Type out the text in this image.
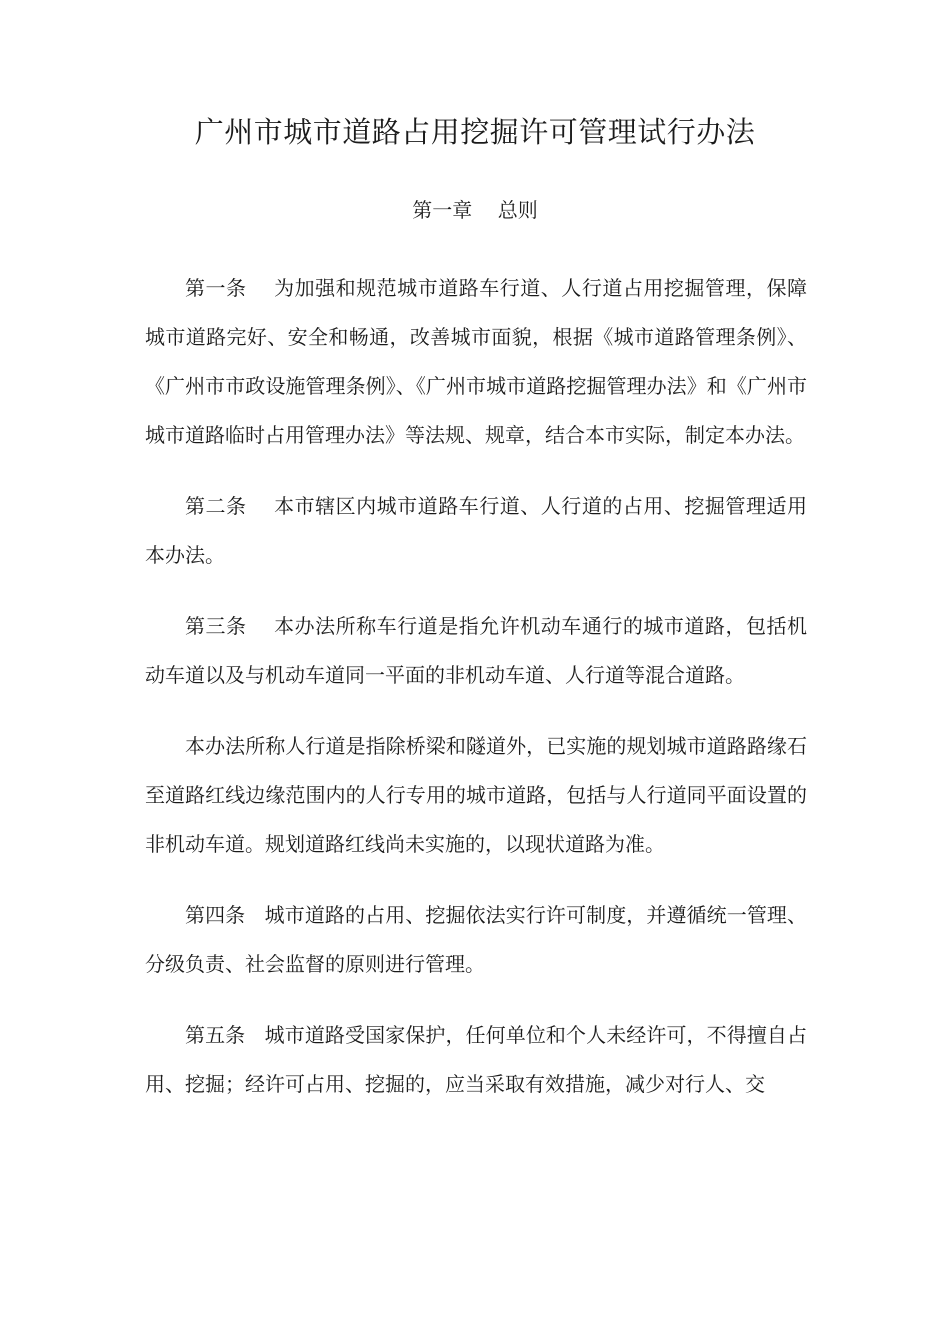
广州市城市道路占用挖掘许可管理试行办法
第一章    总则

第一条 为加强和规范城市道路车行道、人行道占用挖掘管理，保障城市道路完好、安全和畅通，改善城市面貌，根据《城市道路管理条例》、《广州市市政设施管理条例》、《广州市城市道路挖掘管理办法》和《广州市城市道路临时占用管理办法》等法规、规章，结合本市实际，制定本办法。

第二条 本市辖区内城市道路车行道、人行道的占用、挖掘管理适用本办法。

第三条 本办法所称车行道是指允许机动车通行的城市道路，包括机动车道以及与机动车道同一平面的非机动车道、人行道等混合道路。

本办法所称人行道是指除桥梁和隧道外，已实施的规划城市道路路缘石至道路红线边缘范围内的人行专用的城市道路，包括与人行道同平面设置的非机动车道。规划道路红线尚未实施的，以现状道路为准。

第四条 城市道路的占用、挖掘依法实行许可制度，并遵循统一管理、分级负责、社会监督的原则进行管理。

第五条 城市道路受国家保护，任何单位和个人未经许可，不得擅自占用、挖掘；经许可占用、挖掘的，应当采取有效措施，减少对行人、交
